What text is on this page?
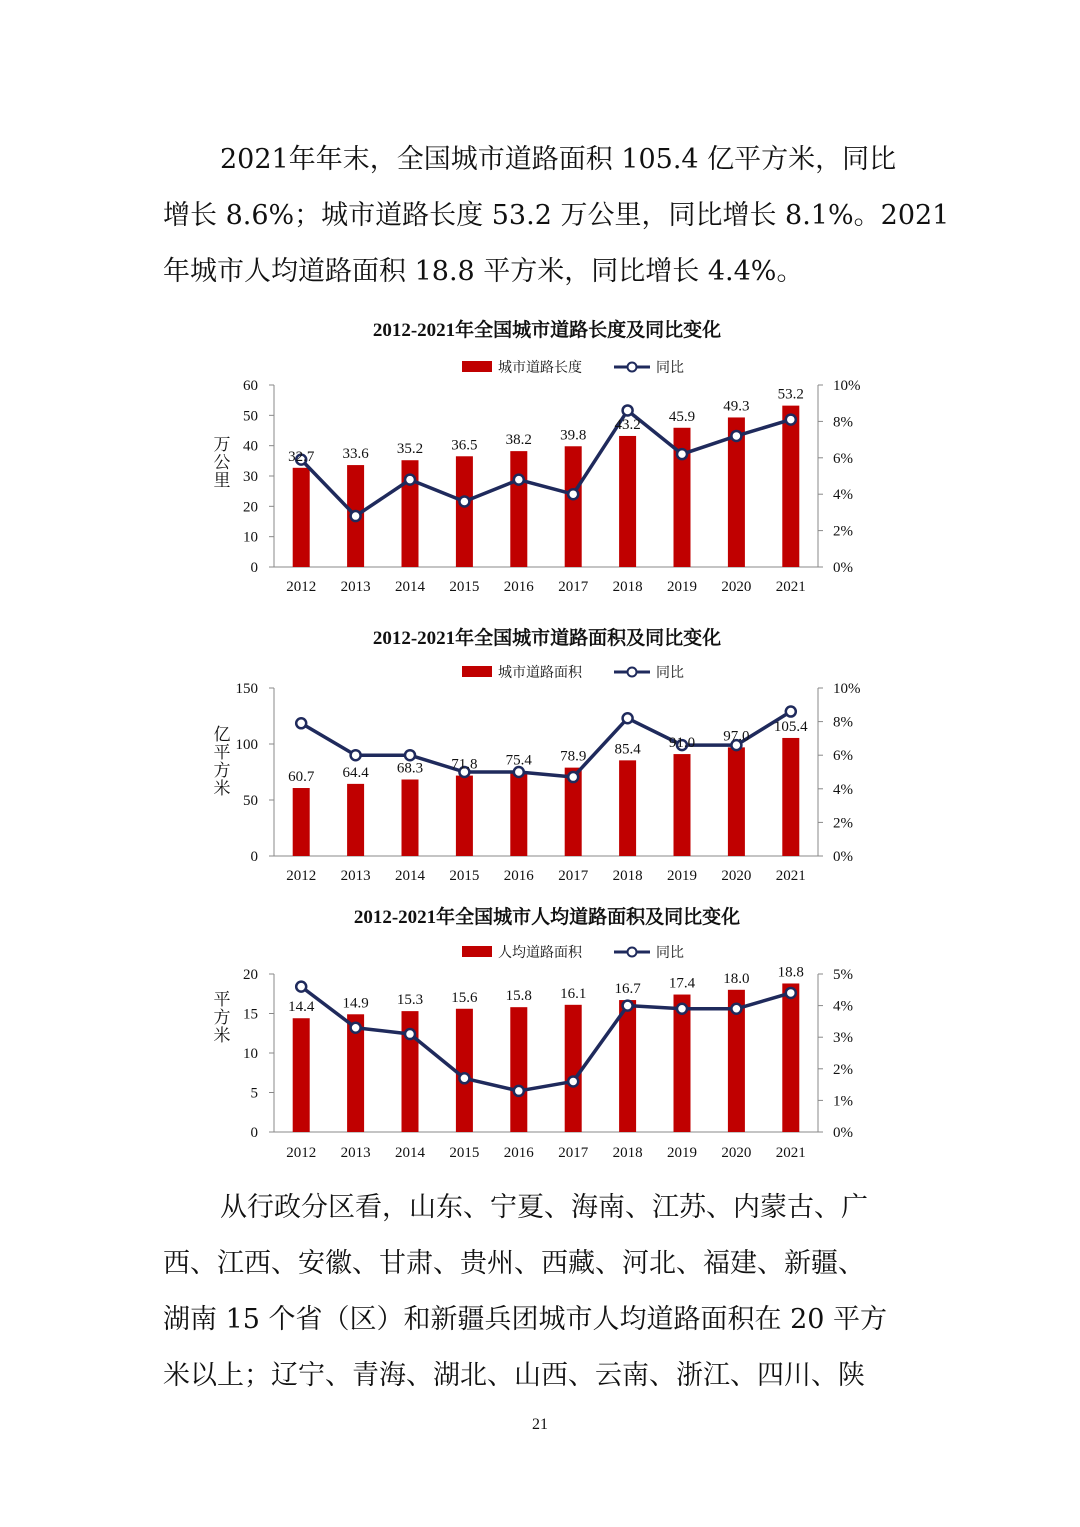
2021年年末，全国城市道路面积 105.4 亿平方米，同比
增长 8.6%；城市道路长度 53.2 万公里，同比增长 8.1%。2021
年城市人均道路面积 18.8 平方米，同比增长 4.4%。
2012-2021年全国城市道路长度及同比变化
城市道路长度	同比
0
10
20
30
40
50
60
0%
2%
4%
6%
8%
10%
万公里
2012 2013 2014 2015 2016 2017 2018 2019 2020 2021
32.7 33.6 35.2 36.5 38.2 39.8
43.2
45.9
49.3
53.2
2012-2021年全国城市道路面积及同比变化
城市道路面积	同比
0
50
100
150
0%
2%
4%
6%
8%
10%
亿平方米
2012 2013 2014 2015 2016 2017 2018 2019 2020 2021
60.7 64.4 68.3 71.8 75.4 78.9 85.4 91.0 97.0
105.4
2012-2021年全国城市人均道路面积及同比变化
人均道路面积	同比
0
5
10
15
20
0%
1%
2%
3%
4%
5%
平方米
2012 2013 2014 2015 2016 2017 2018 2019 2020 2021
14.4 14.9 15.3 15.6 15.8 16.1 16.7 17.4 18.0 18.8
从行政分区看，山东、宁夏、海南、江苏、内蒙古、广
西、江西、安徽、甘肃、贵州、西藏、河北、福建、新疆、
湖南 15 个省（区）和新疆兵团城市人均道路面积在 20 平方
米以上；辽宁、青海、湖北、山西、云南、浙江、四川、陕
21
